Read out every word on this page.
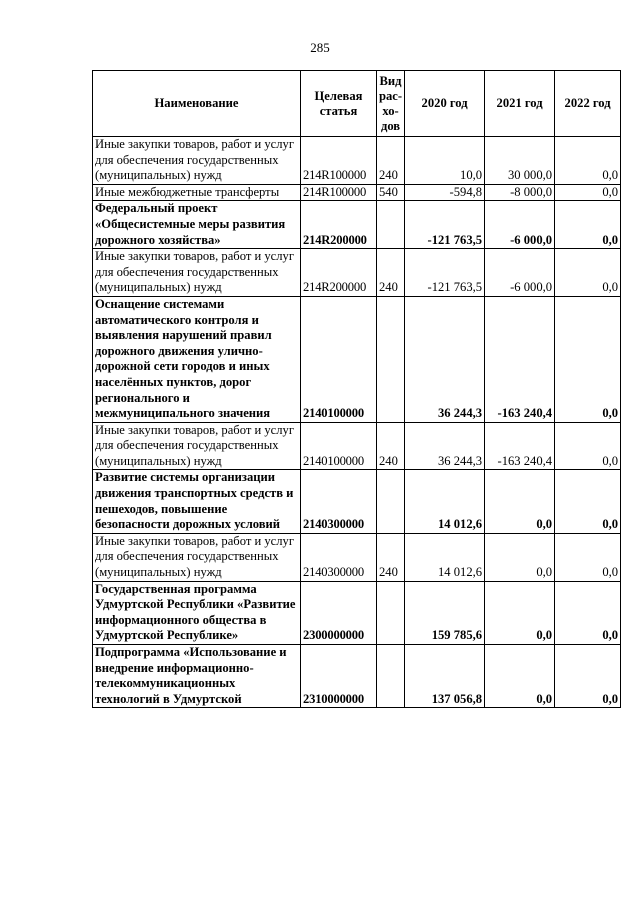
285
Наименование	Целевая статья	Вид рас-хо-дов	2020 год	2021 год	2022 год
Иные закупки товаров, работ и услуг для обеспечения государственных (муниципальных) нужд	214R100000	240	10,0	30 000,0	0,0
Иные межбюджетные трансферты	214R100000	540	-594,8	-8 000,0	0,0
Федеральный проект «Общесистемные меры развития дорожного хозяйства»	214R200000		-121 763,5	-6 000,0	0,0
Иные закупки товаров, работ и услуг для обеспечения государственных (муниципальных) нужд	214R200000	240	-121 763,5	-6 000,0	0,0
Оснащение системами автоматического контроля и выявления нарушений правил дорожного движения улично-дорожной сети городов и иных населённых пунктов, дорог регионального и межмуниципального значения	2140100000		36 244,3	-163 240,4	0,0
Иные закупки товаров, работ и услуг для обеспечения государственных (муниципальных) нужд	2140100000	240	36 244,3	-163 240,4	0,0
Развитие системы организации движения транспортных средств и пешеходов, повышение безопасности дорожных условий	2140300000		14 012,6	0,0	0,0
Иные закупки товаров, работ и услуг для обеспечения государственных (муниципальных) нужд	2140300000	240	14 012,6	0,0	0,0
Государственная программа Удмуртской Республики «Развитие информационного общества в Удмуртской Республике»	2300000000		159 785,6	0,0	0,0
Подпрограмма «Использование и внедрение информационно-телекоммуникационных технологий в Удмуртской	2310000000		137 056,8	0,0	0,0
